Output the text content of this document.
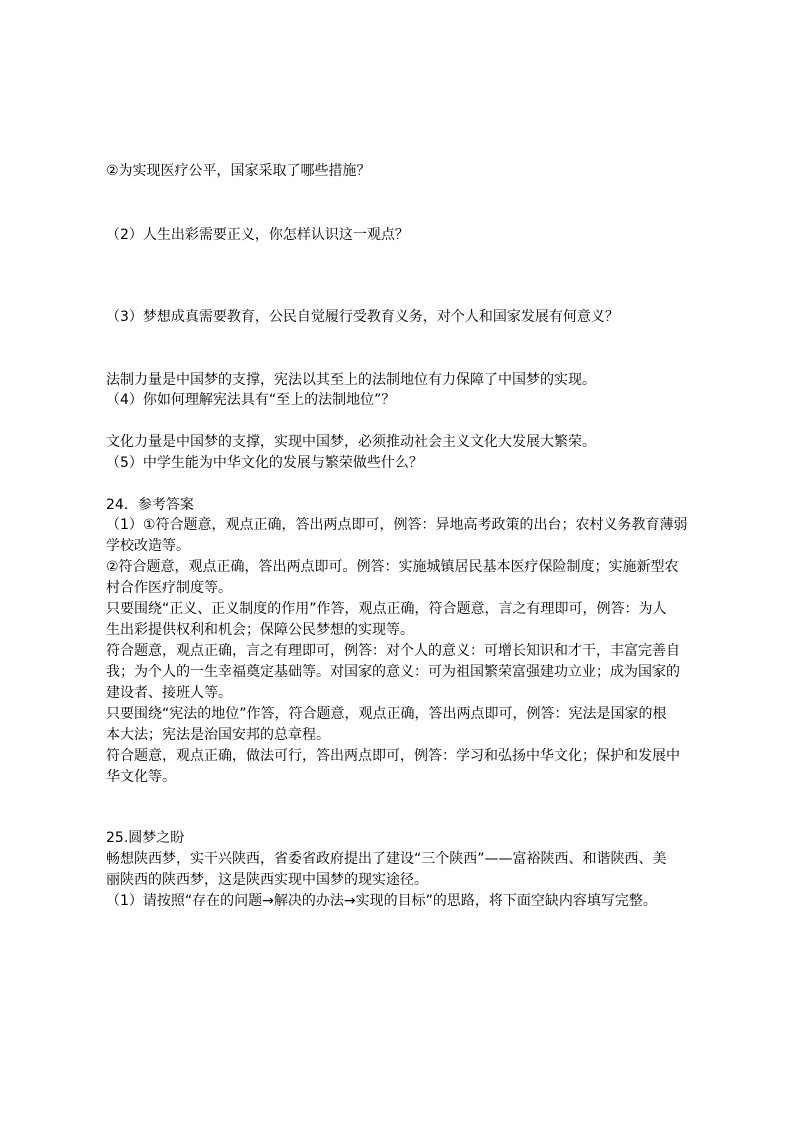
②为实现医疗公平，国家采取了哪些措施？
（2）人生出彩需要正义，你怎样认识这一观点？
（3）梦想成真需要教育，公民自觉履行受教育义务，对个人和国家发展有何意义？
法制力量是中国梦的支撑，宪法以其至上的法制地位有力保障了中国梦的实现。
（4）你如何理解宪法具有“至上的法制地位”？
文化力量是中国梦的支撑，实现中国梦，必须推动社会主义文化大发展大繁荣。
（5）中学生能为中华文化的发展与繁荣做些什么？
24．参考答案
（1）①符合题意，观点正确，答出两点即可，例答：异地高考政策的出台；农村义务教育薄弱
学校改造等。
②符合题意，观点正确，答出两点即可。例答：实施城镇居民基本医疗保险制度；实施新型农
村合作医疗制度等。
只要围绕“正义、正义制度的作用”作答，观点正确，符合题意，言之有理即可，例答：为人
生出彩提供权利和机会；保障公民梦想的实现等。
符合题意，观点正确，言之有理即可，例答：对个人的意义：可增长知识和才干，丰富完善自
我；为个人的一生幸福奠定基础等。对国家的意义：可为祖国繁荣富强建功立业；成为国家的
建设者、接班人等。
只要围绕“宪法的地位”作答，符合题意，观点正确，答出两点即可，例答：宪法是国家的根
本大法；宪法是治国安邦的总章程。
符合题意，观点正确，做法可行，答出两点即可，例答：学习和弘扬中华文化；保护和发展中
华文化等。
25.圆梦之盼
畅想陕西梦，实干兴陕西，省委省政府提出了建设“三个陕西”——富裕陕西、和谐陕西、美
丽陕西的陕西梦，这是陕西实现中国梦的现实途径。
（1）请按照“存在的问题→解决的办法→实现的目标”的思路，将下面空缺内容填写完整。
